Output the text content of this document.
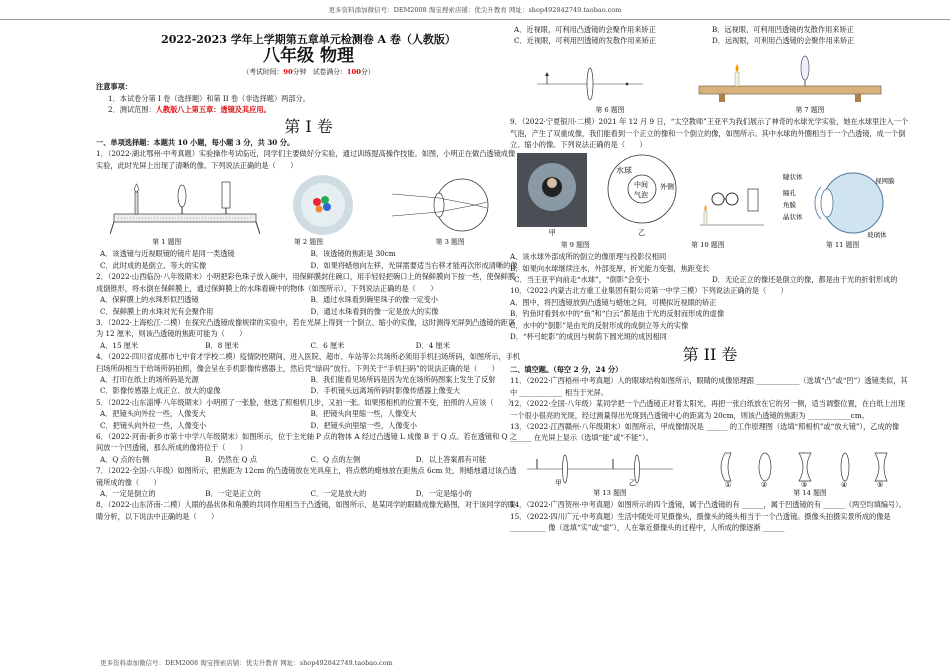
更多资料添加微信号：DEM2008 淘宝搜索店铺：优尖升教育 网址：shop492842749.taobao.com
2022-2023 学年上学期第五章单元检测卷 A 卷（人教版）
八年级 物理
（考试时间：90分钟 试卷满分：100分）
注意事项：
1．本试卷分第 I 卷（选择题）和第 II 卷（非选择题）两部分。
2．测试范围：人教版八上第五章：透镜及其应用。
第 I 卷
一、单项选择题：本题共 10 小题，每小题 3 分，共 30 分。
1．（2022·湖北鄂州·中考真题）实验操作考试临近，同学们主要做好分实验，通过训练提高操作技能。如图，小明正在做凸透镜成像实验，此时光屏上出现了清晰的像。下列说法正确的是（　　）
第 1 题图	第 2 题图	第 3 题图
A．该透镜与近视眼镜的镜片是同一类透镜	B．该透镜的焦距是 30cm
C．此时成的是倒立、等大的实像	D．如果将蜡烛向左移，光屏需要适当右移才能再次形成清晰的像
2．（2022·山西临汾·八年级期末）小明把彩色珠子放入碗中，用保鲜膜封住碗口，用手轻轻把碗口上的保鲜膜向下按一些，使保鲜膜成倒锥形，将水倒在保鲜膜上，通过保鲜膜上的水珠看碗中的物体（如图所示），下列说法正确的是（　　）
A．保鲜膜上的水珠形似凹透镜	B．通过水珠看到碗里珠子的像一定变小
C．保鲜膜上的水珠对光有会聚作用	D．通过水珠看到的像一定是放大的实像
3．（2022·上海松江·二模）在探究凸透镜成像规律的实验中，若在光屏上得到一个倒立、缩小的实像，这时测得光屏到凸透镜的距离为 12 厘米，则该凸透镜的焦距可能为（　　）
A．15 厘米	B．8 厘米	C．6 厘米	D．4 厘米
4．（2022·四川省成都市七中育才学校二模）疫情防控期间，进入医院、超市、车站等公共场所必须用手机扫场所码，如图所示，手机扫场所码相当于给场所码拍照，像会呈在手机影像传感器上，然后凭“绿码”放行。下列关于“手机扫码”的说法正确的是（　　）
A．打印在纸上的场所码是光源	B．我们能看见场所码是因为光在场所码图案上发生了反射
C．影像传感器上成正立、放大的虚像	D．手机镜头远离场所码时影像传感器上像变大
5．（2022·山东淄博·八年级期末）小明照了一张脸，他选了照相机几步，又拍一张。如果照相机的位置不变，拍照的人应该（　　）
A．把镜头向外拉一些，人像变大	B．把镜头向里缩一些，人像变大
C．把镜头向外拉一些，人像变小	D．把镜头向里缩一些，人像变小
6．（2022·河南·新乡市第十中学八年级期末）如图所示，位于主光轴 P 点的物体 A 经过凸透镜 L 成像 B 于 Q 点。若在透镜和 Q 之间放一个凹透镜，那么所成的像将位于（　　）
A．Q 点的右侧	B．仍然在 Q 点	C．Q 点的左侧	D．以上答案都有可能
7．（2022·全国·八年级）如图所示，把焦距为 12cm 的凸透镜放在光具座上，将点燃的蜡烛放在距焦点 6cm 处，则蜡烛通过该凸透镜所成的像（　　）
A．一定是倒立的	B．一定是正立的	C．一定是放大的	D．一定是缩小的
8．（2022·山东济南·二模）人眼的晶状体和角膜的共同作用相当于凸透镜，如图所示，是某同学的眼睛成像光路图，对于该同学的眼睛分析，以下说法中正确的是（　　）
A．近视眼，可利用凸透镜的会聚作用来矫正	B．远视眼，可利用凹透镜的发散作用来矫正
C．近视眼，可利用凹透镜的发散作用来矫正	D．远视眼，可利用凸透镜的会聚作用来矫正
第 6 题图	第 7 题图
9．（2022·宁夏银川·二模）2021 年 12 月 9 日，“太空教师”王亚平为我们展示了神奇的水球光学实验，她在水球里注入一个气泡，产生了双重成像，我们能看到一个正立的像和一个倒立的像，如图所示。其中水球的外圈相当于一个凸透镜，成一个倒立、缩小的像。下列说法正确的是（　　）
甲
水球
中间
气泡
外侧
乙
睫状体
瞳孔
角膜
晶状体
视网膜
玻璃体
第 9 题图	第 10 题图	第 11 题图
A．该水球外部成所的倒立的像原理与投影仪相同
B．如果向水球继续注水，外部变厚，折光能力变强，焦距变长
C．当王亚平向前走“水球”，“倒影”会变小	D．无论正立的像还是倒立的像，都是由于光的折射形成的
10．（2022·内蒙古北方重工业集团有限公司第一中学三模）下列说法正确的是（　　）
A．图中，将凹透镜放到凸透镜与蜡烛之间，可模拟近视眼的矫正
B．钓鱼时看到水中的“鱼”和“白云”都是由于光的反射而形成的虚像
C．水中的“倒影”是由光的反射形成的成倒立等大的实像
D．“杯弓蛇影”的成因与树荫下圆光斑的成因相同
第 II 卷
二、填空题。（每空 2 分，24 分）
11．（2022·广西梧州·中考真题）人的眼球结构如图所示，眼睛的成像原理跟 ____________（选填“凸”或“凹”）透镜类似，其中 ____________ 相当于光屏。
12．（2022·全国·八年级）某同学把一个凸透镜正对着太阳光，再把一张白纸放在它的另一侧，适当调整位置，在白纸上出现一个很小很亮的光斑，经过测量得出光斑到凸透镜中心的距离为 20cm，则该凸透镜的焦距为 ____________cm。
13．（2022·江西赣州·八年级期末）如图所示，甲成像情况是 ______ 的工作原理图（选填“照相机”或“放大镜”），乙成的像 ______ 在光屏上显示（选填“能”或“不能”）。
甲	乙	①	②	③	④	⑤
第 13 题图	第 14 题图
14．（2022·广西贺州·中考真题）如图所示的四个透镜，属于凸透镜的有 ______，属于凹透镜的有 ______（两空均填编号）。
15．（2022·四川广元·中考真题）生活中随处可见摄像头，摄像头的镜头相当于一个凸透镜。摄像头拍摄实景所成的像是 __________ 像（选填“实”或“虚”），人在靠近摄像头的过程中，人所成的像逐渐 ______
更多资料添加微信号：DEM2008 淘宝搜索店铺：优尖升教育 网址：shop492842749.taobao.com
